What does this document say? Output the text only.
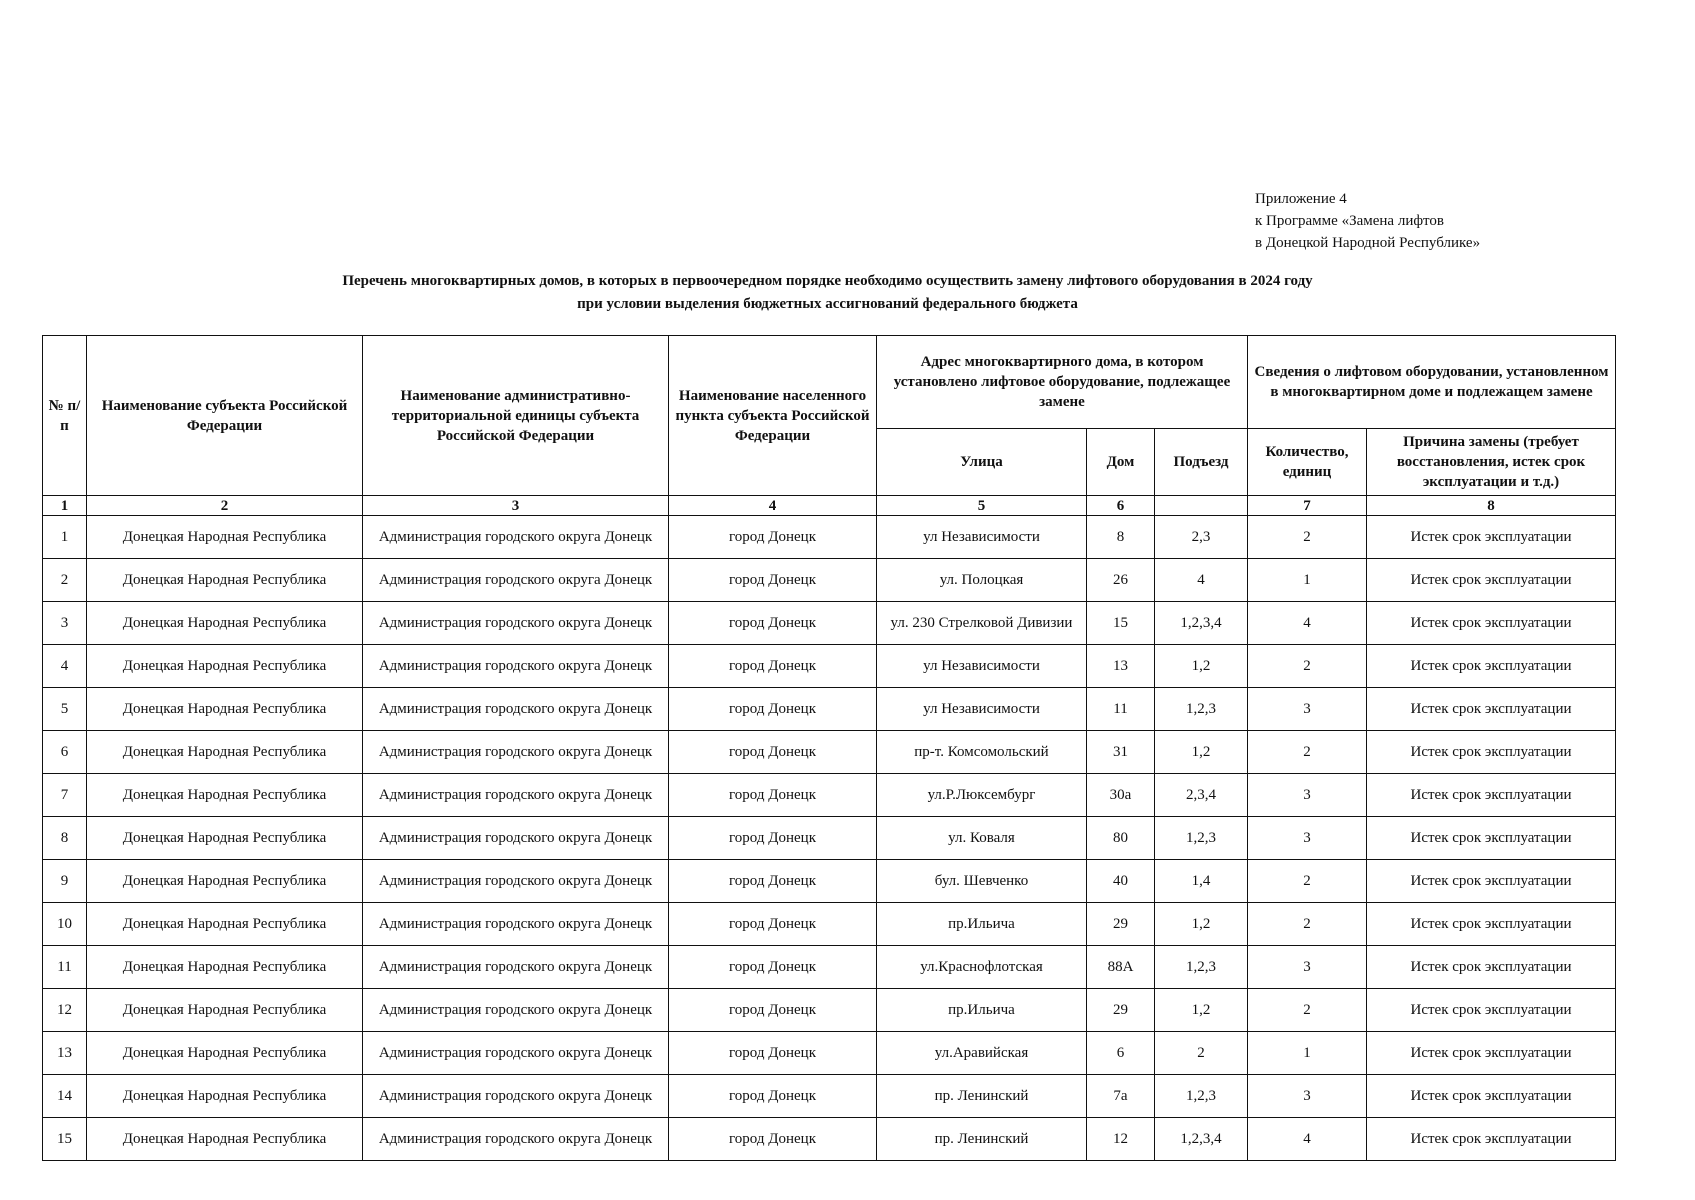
Приложение 4
к Программе «Замена лифтов
в Донецкой Народной Республике»
Перечень многоквартирных домов, в которых в первоочередном порядке необходимо осуществить замену лифтового оборудования в 2024 году
при условии выделения бюджетных ассигнований федерального бюджета
№ п/п	Наименование субъекта Российской Федерации	Наименование административно-территориальной единицы субъекта Российской Федерации	Наименование населенного пункта субъекта Российской Федерации	Адрес многоквартирного дома, в котором установлено лифтовое оборудование, подлежащее замене			Сведения о лифтовом оборудовании, установленном в многоквартирном доме и подлежащем замене	
				Улица	Дом	Подъезд	Количество, единиц	Причина замены (требует восстановления, истек срок эксплуатации и т.д.)
1	2	3	4	5	6		7	8
1	Донецкая Народная Республика	Администрация городского округа Донецк	город Донецк	ул Независимости	8	2,3	2	Истек срок эксплуатации
2	Донецкая Народная Республика	Администрация городского округа Донецк	город Донецк	ул. Полоцкая	26	4	1	Истек срок эксплуатации
3	Донецкая Народная Республика	Администрация городского округа Донецк	город Донецк	ул. 230 Стрелковой Дивизии	15	1,2,3,4	4	Истек срок эксплуатации
4	Донецкая Народная Республика	Администрация городского округа Донецк	город Донецк	ул Независимости	13	1,2	2	Истек срок эксплуатации
5	Донецкая Народная Республика	Администрация городского округа Донецк	город Донецк	ул Независимости	11	1,2,3	3	Истек срок эксплуатации
6	Донецкая Народная Республика	Администрация городского округа Донецк	город Донецк	пр-т. Комсомольский	31	1,2	2	Истек срок эксплуатации
7	Донецкая Народная Республика	Администрация городского округа Донецк	город Донецк	ул.Р.Люксембург	30а	2,3,4	3	Истек срок эксплуатации
8	Донецкая Народная Республика	Администрация городского округа Донецк	город Донецк	ул. Коваля	80	1,2,3	3	Истек срок эксплуатации
9	Донецкая Народная Республика	Администрация городского округа Донецк	город Донецк	бул. Шевченко	40	1,4	2	Истек срок эксплуатации
10	Донецкая Народная Республика	Администрация городского округа Донецк	город Донецк	пр.Ильича	29	1,2	2	Истек срок эксплуатации
11	Донецкая Народная Республика	Администрация городского округа Донецк	город Донецк	ул.Краснофлотская	88А	1,2,3	3	Истек срок эксплуатации
12	Донецкая Народная Республика	Администрация городского округа Донецк	город Донецк	пр.Ильича	29	1,2	2	Истек срок эксплуатации
13	Донецкая Народная Республика	Администрация городского округа Донецк	город Донецк	ул.Аравийская	6	2	1	Истек срок эксплуатации
14	Донецкая Народная Республика	Администрация городского округа Донецк	город Донецк	пр. Ленинский	7а	1,2,3	3	Истек срок эксплуатации
15	Донецкая Народная Республика	Администрация городского округа Донецк	город Донецк	пр. Ленинский	12	1,2,3,4	4	Истек срок эксплуатации
